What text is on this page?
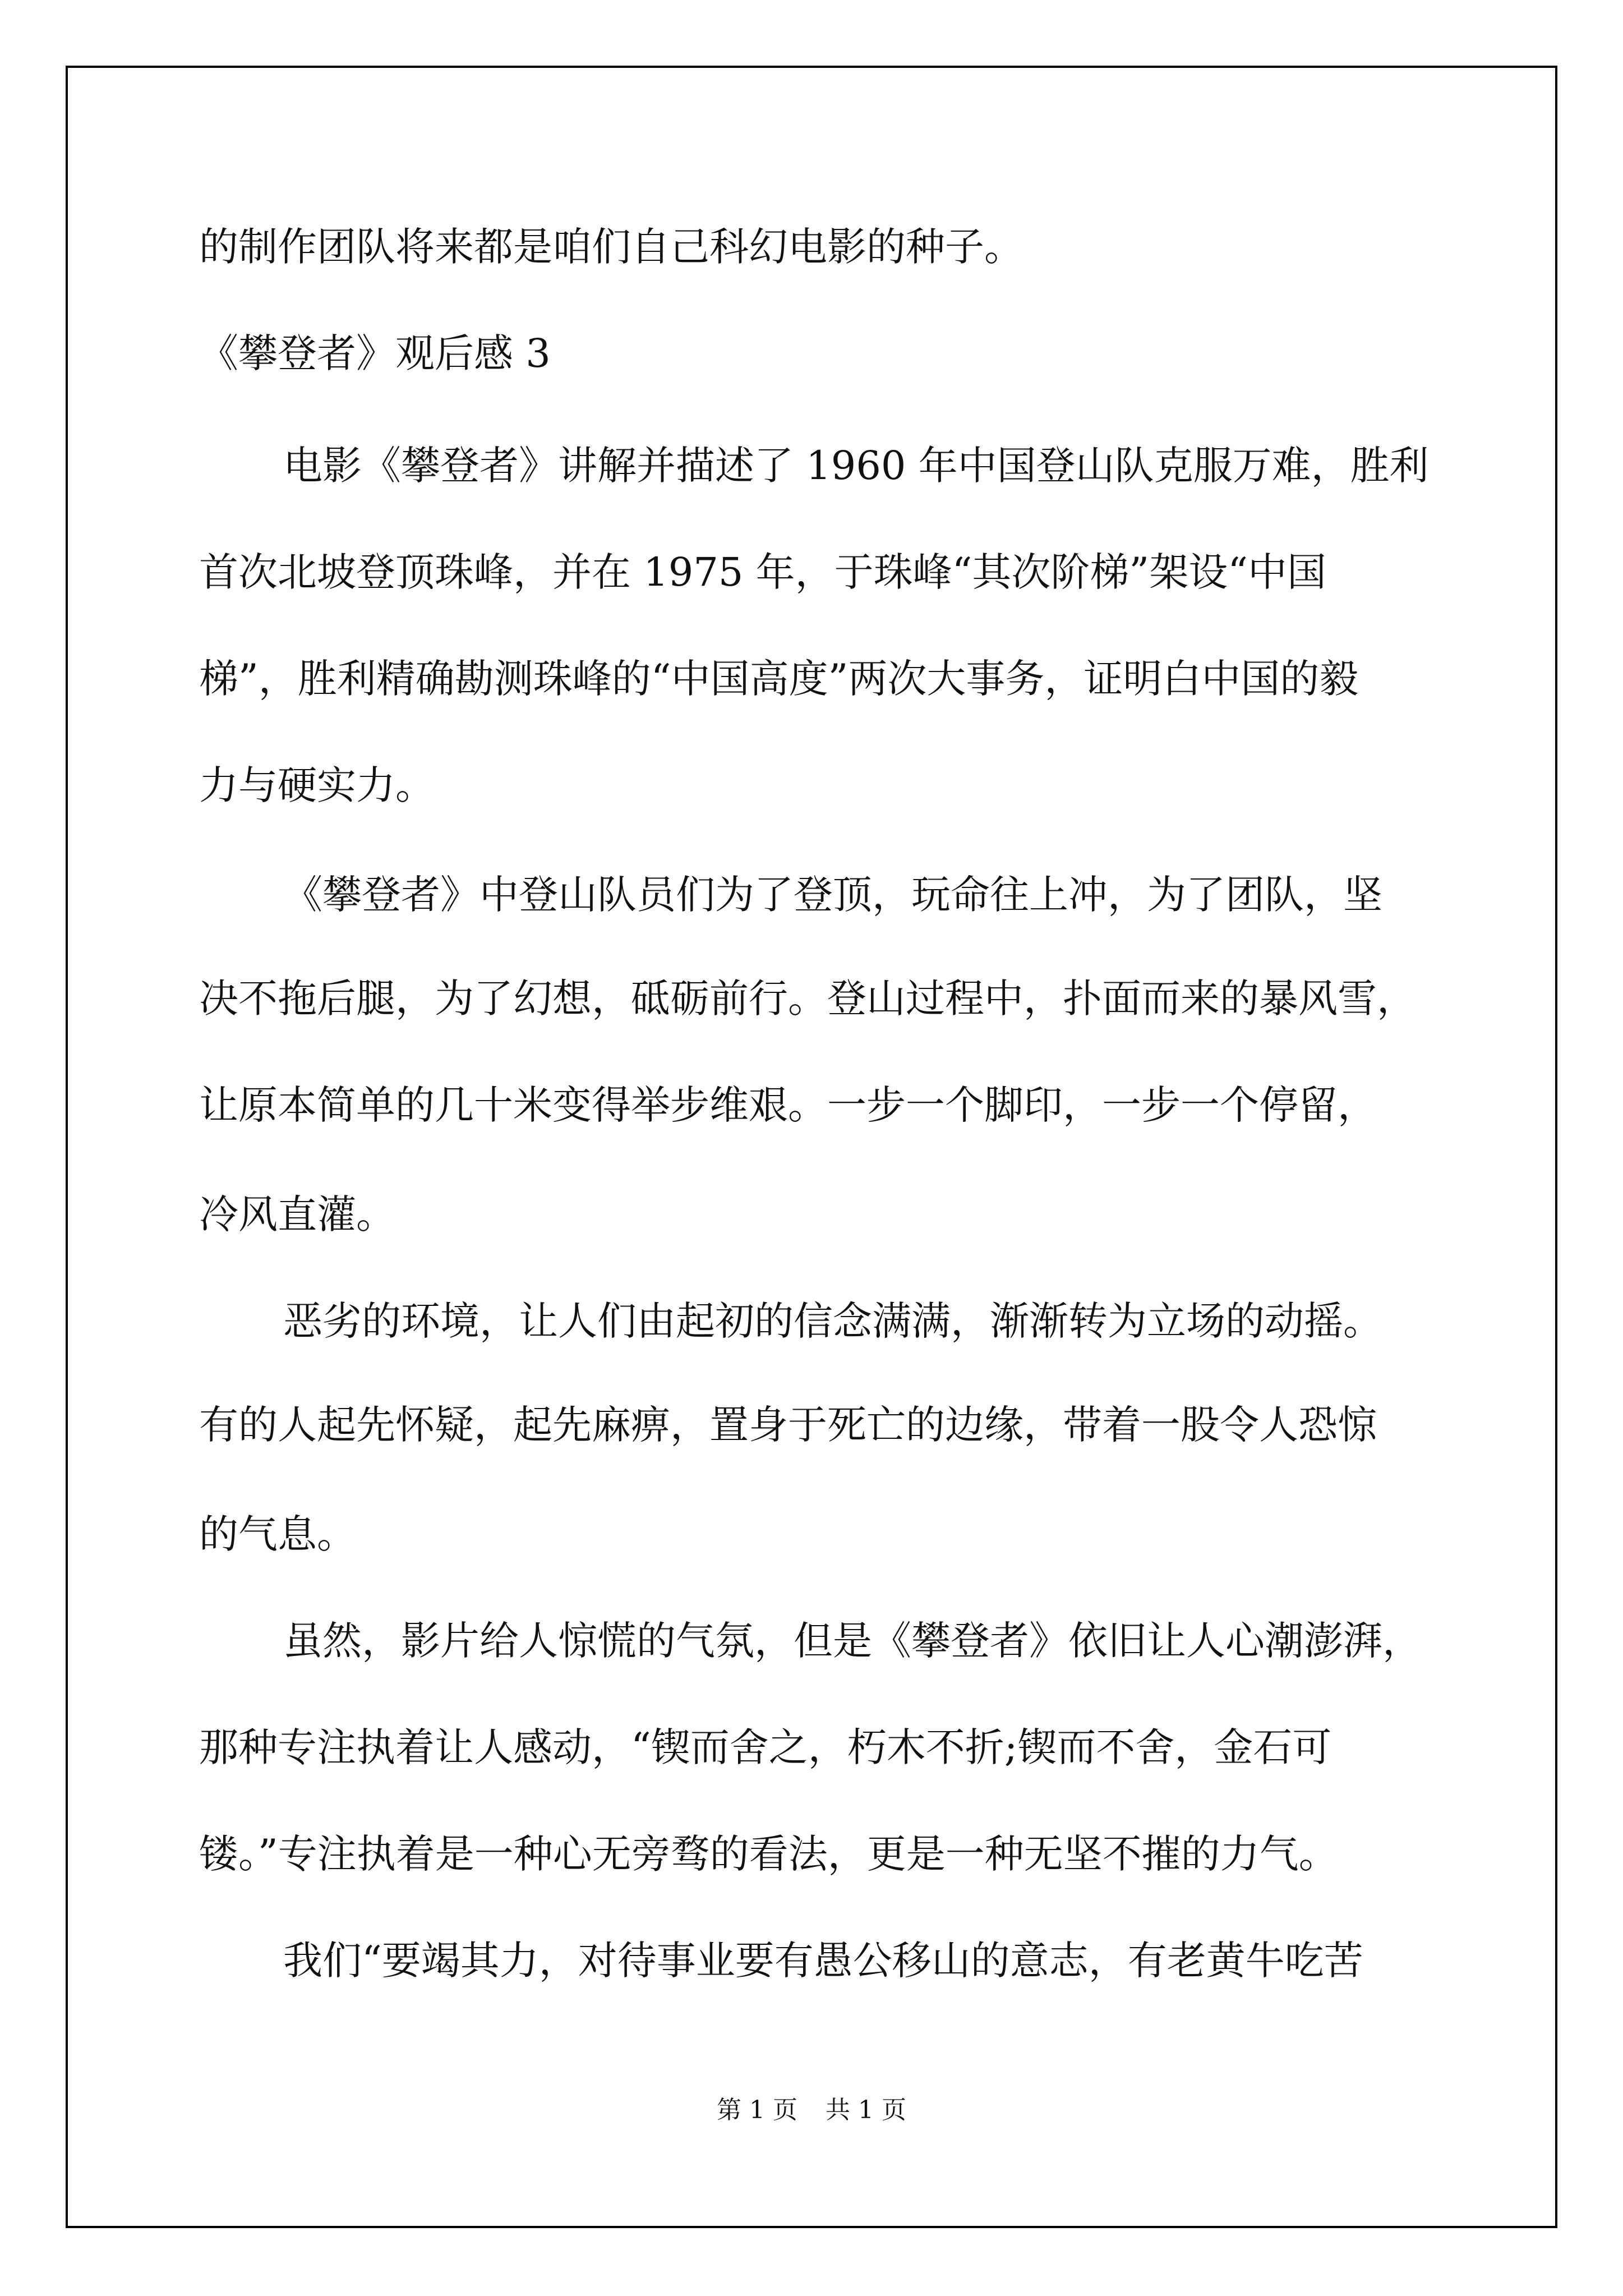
的制作团队将来都是咱们自己科幻电影的种子。

《攀登者》观后感 3

电影《攀登者》讲解并描述了 1960 年中国登山队克服万难，胜利

首次北坡登顶珠峰，并在 1975 年，于珠峰“其次阶梯”架设“中国

梯”，胜利精确勘测珠峰的“中国高度”两次大事务，证明白中国的毅

力与硬实力。

《攀登者》中登山队员们为了登顶，玩命往上冲，为了团队，坚

决不拖后腿，为了幻想，砥砺前行。登山过程中，扑面而来的暴风雪，

让原本简单的几十米变得举步维艰。一步一个脚印，一步一个停留，

冷风直灌。

恶劣的环境，让人们由起初的信念满满，渐渐转为立场的动摇。

有的人起先怀疑，起先麻痹，置身于死亡的边缘，带着一股令人恐惊

的气息。

虽然，影片给人惊慌的气氛，但是《攀登者》依旧让人心潮澎湃，

那种专注执着让人感动，“锲而舍之，朽木不折;锲而不舍，金石可

镂。”专注执着是一种心无旁骛的看法，更是一种无坚不摧的力气。

我们“要竭其力，对待事业要有愚公移山的意志，有老黄牛吃苦

第 1 页 共 1 页
